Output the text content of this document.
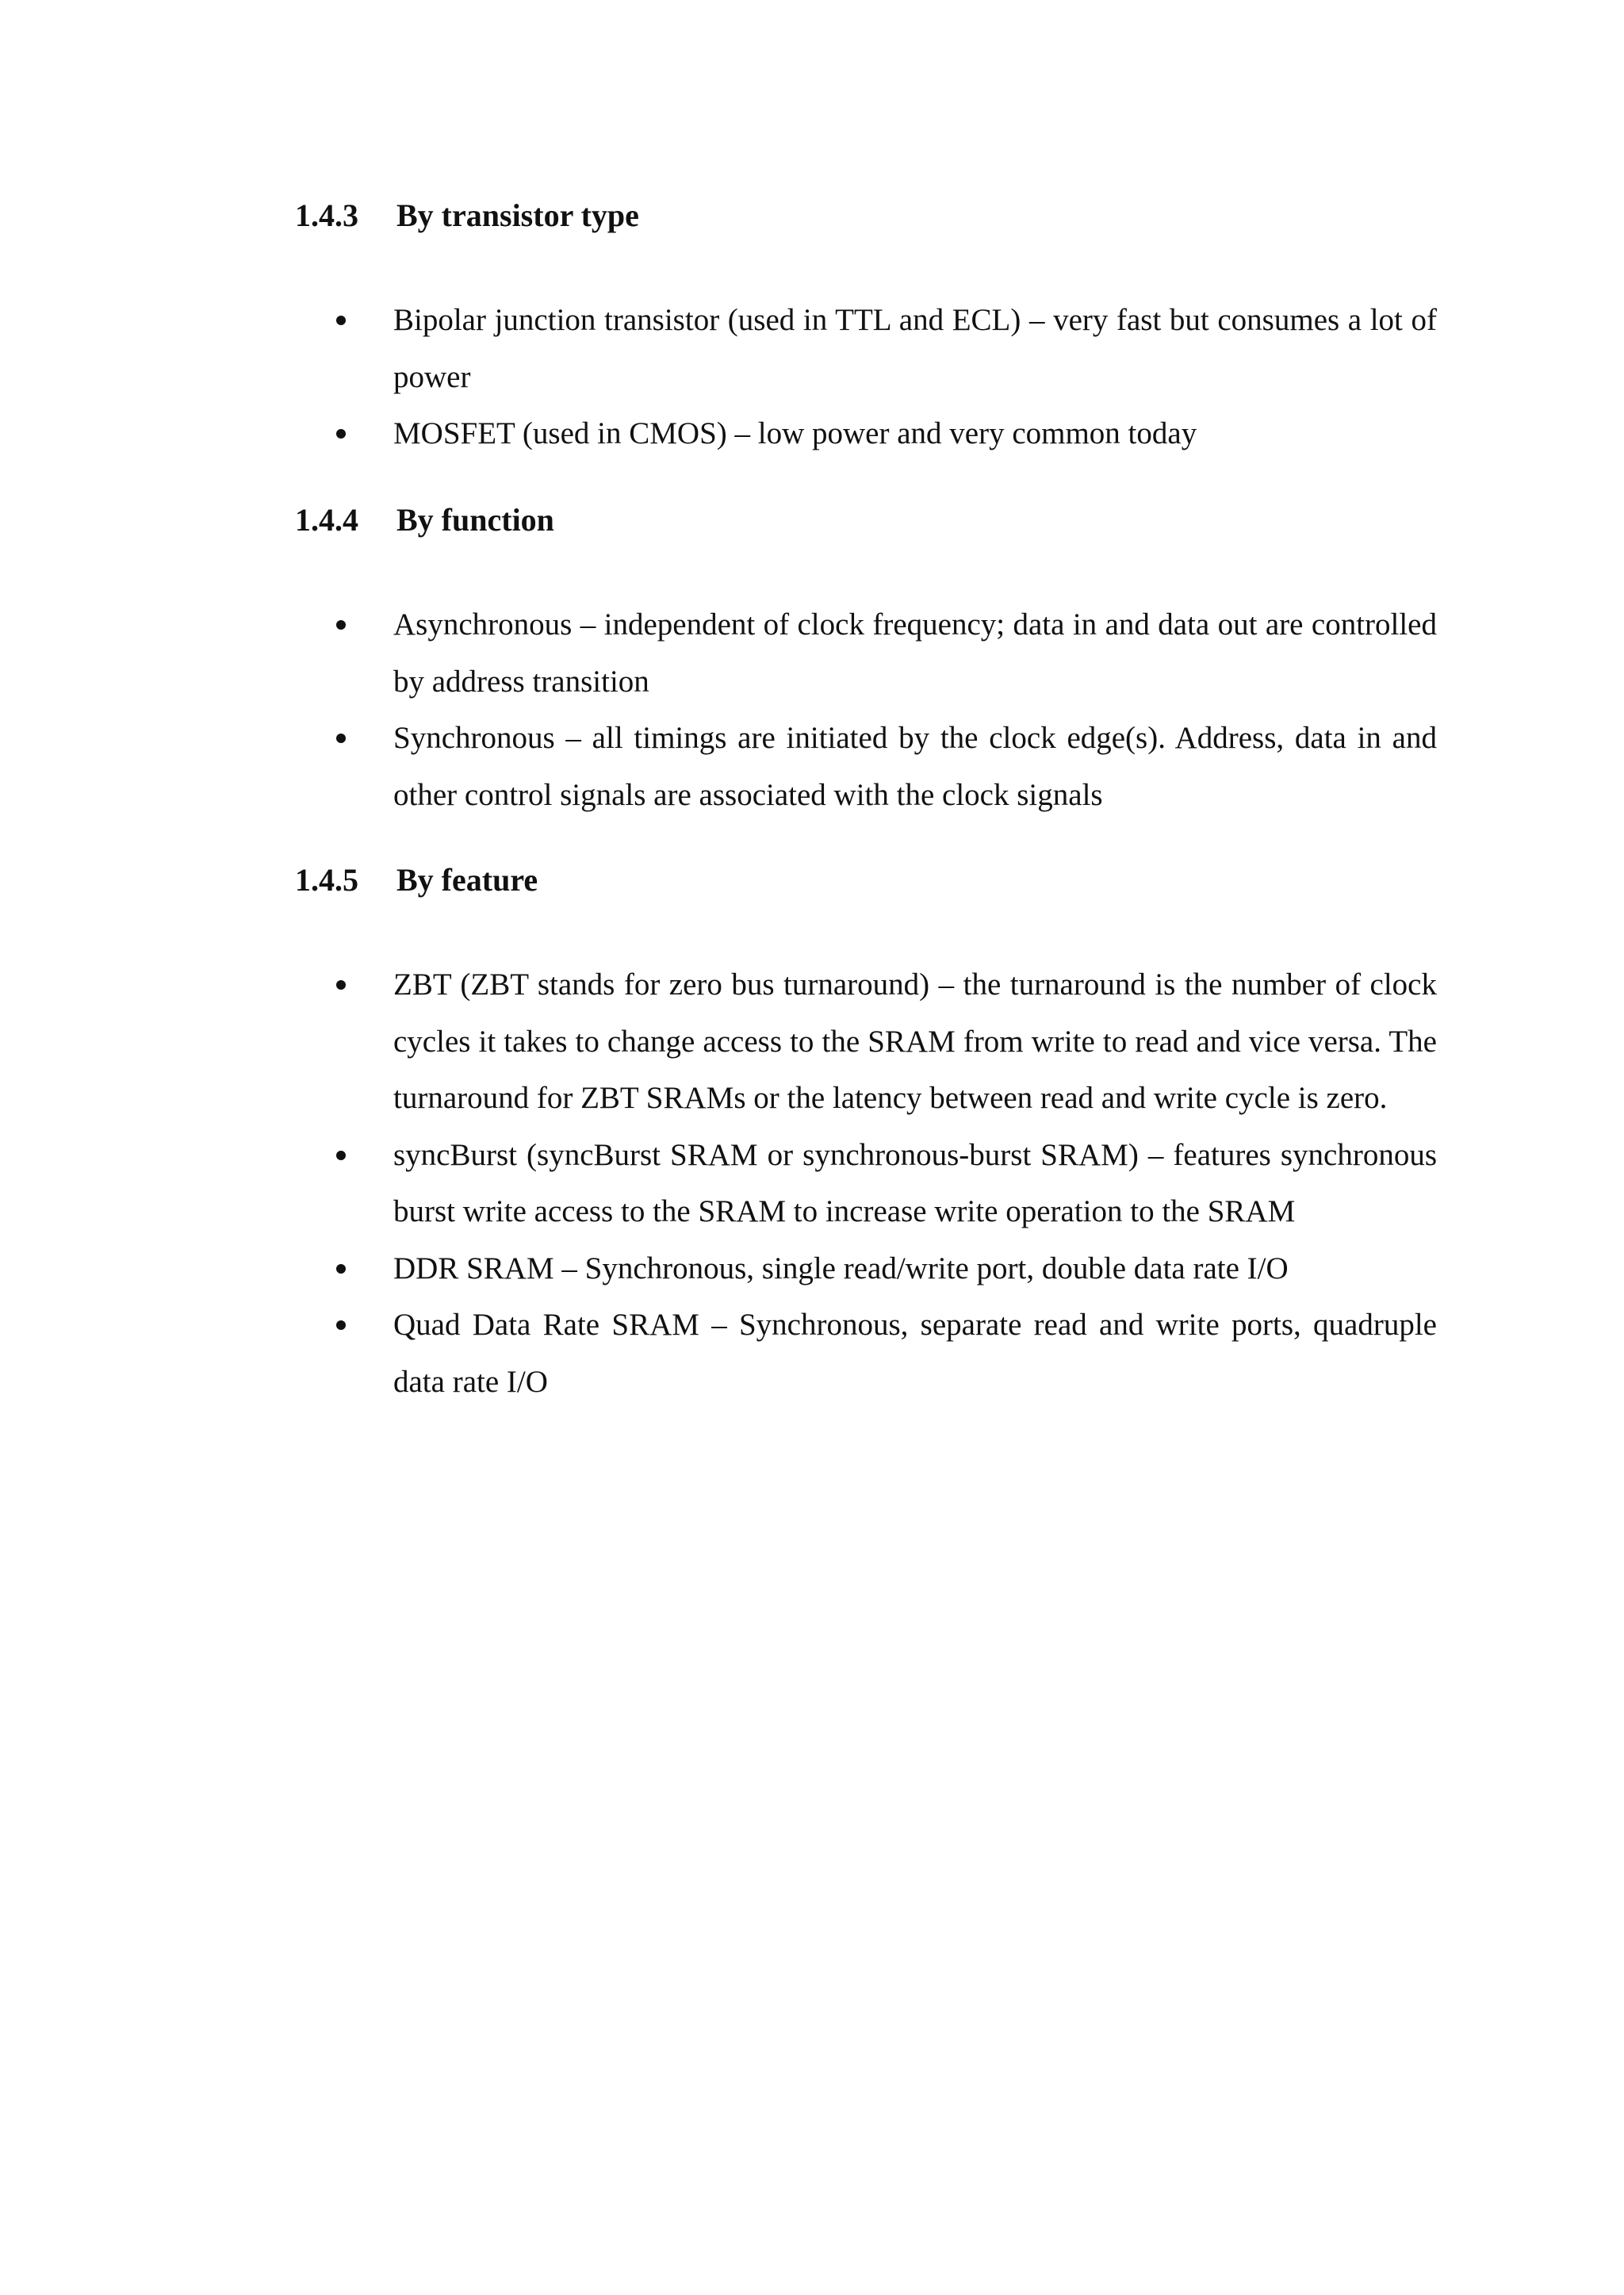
1.4.3	By transistor type
Bipolar junction transistor (used in TTL and ECL) – very fast but consumes a lot of power
MOSFET (used in CMOS) – low power and very common today
1.4.4	By function
Asynchronous – independent of clock frequency; data in and data out are controlled by address transition
Synchronous – all timings are initiated by the clock edge(s). Address, data in and other control signals are associated with the clock signals
1.4.5	By feature
ZBT (ZBT stands for zero bus turnaround) – the turnaround is the number of clock cycles it takes to change access to the SRAM from write to read and vice versa. The turnaround for ZBT SRAMs or the latency between read and write cycle is zero.
syncBurst (syncBurst SRAM or synchronous-burst SRAM) – features synchronous burst write access to the SRAM to increase write operation to the SRAM
DDR SRAM – Synchronous, single read/write port, double data rate I/O
Quad Data Rate SRAM – Synchronous, separate read and write ports, quadruple data rate I/O
